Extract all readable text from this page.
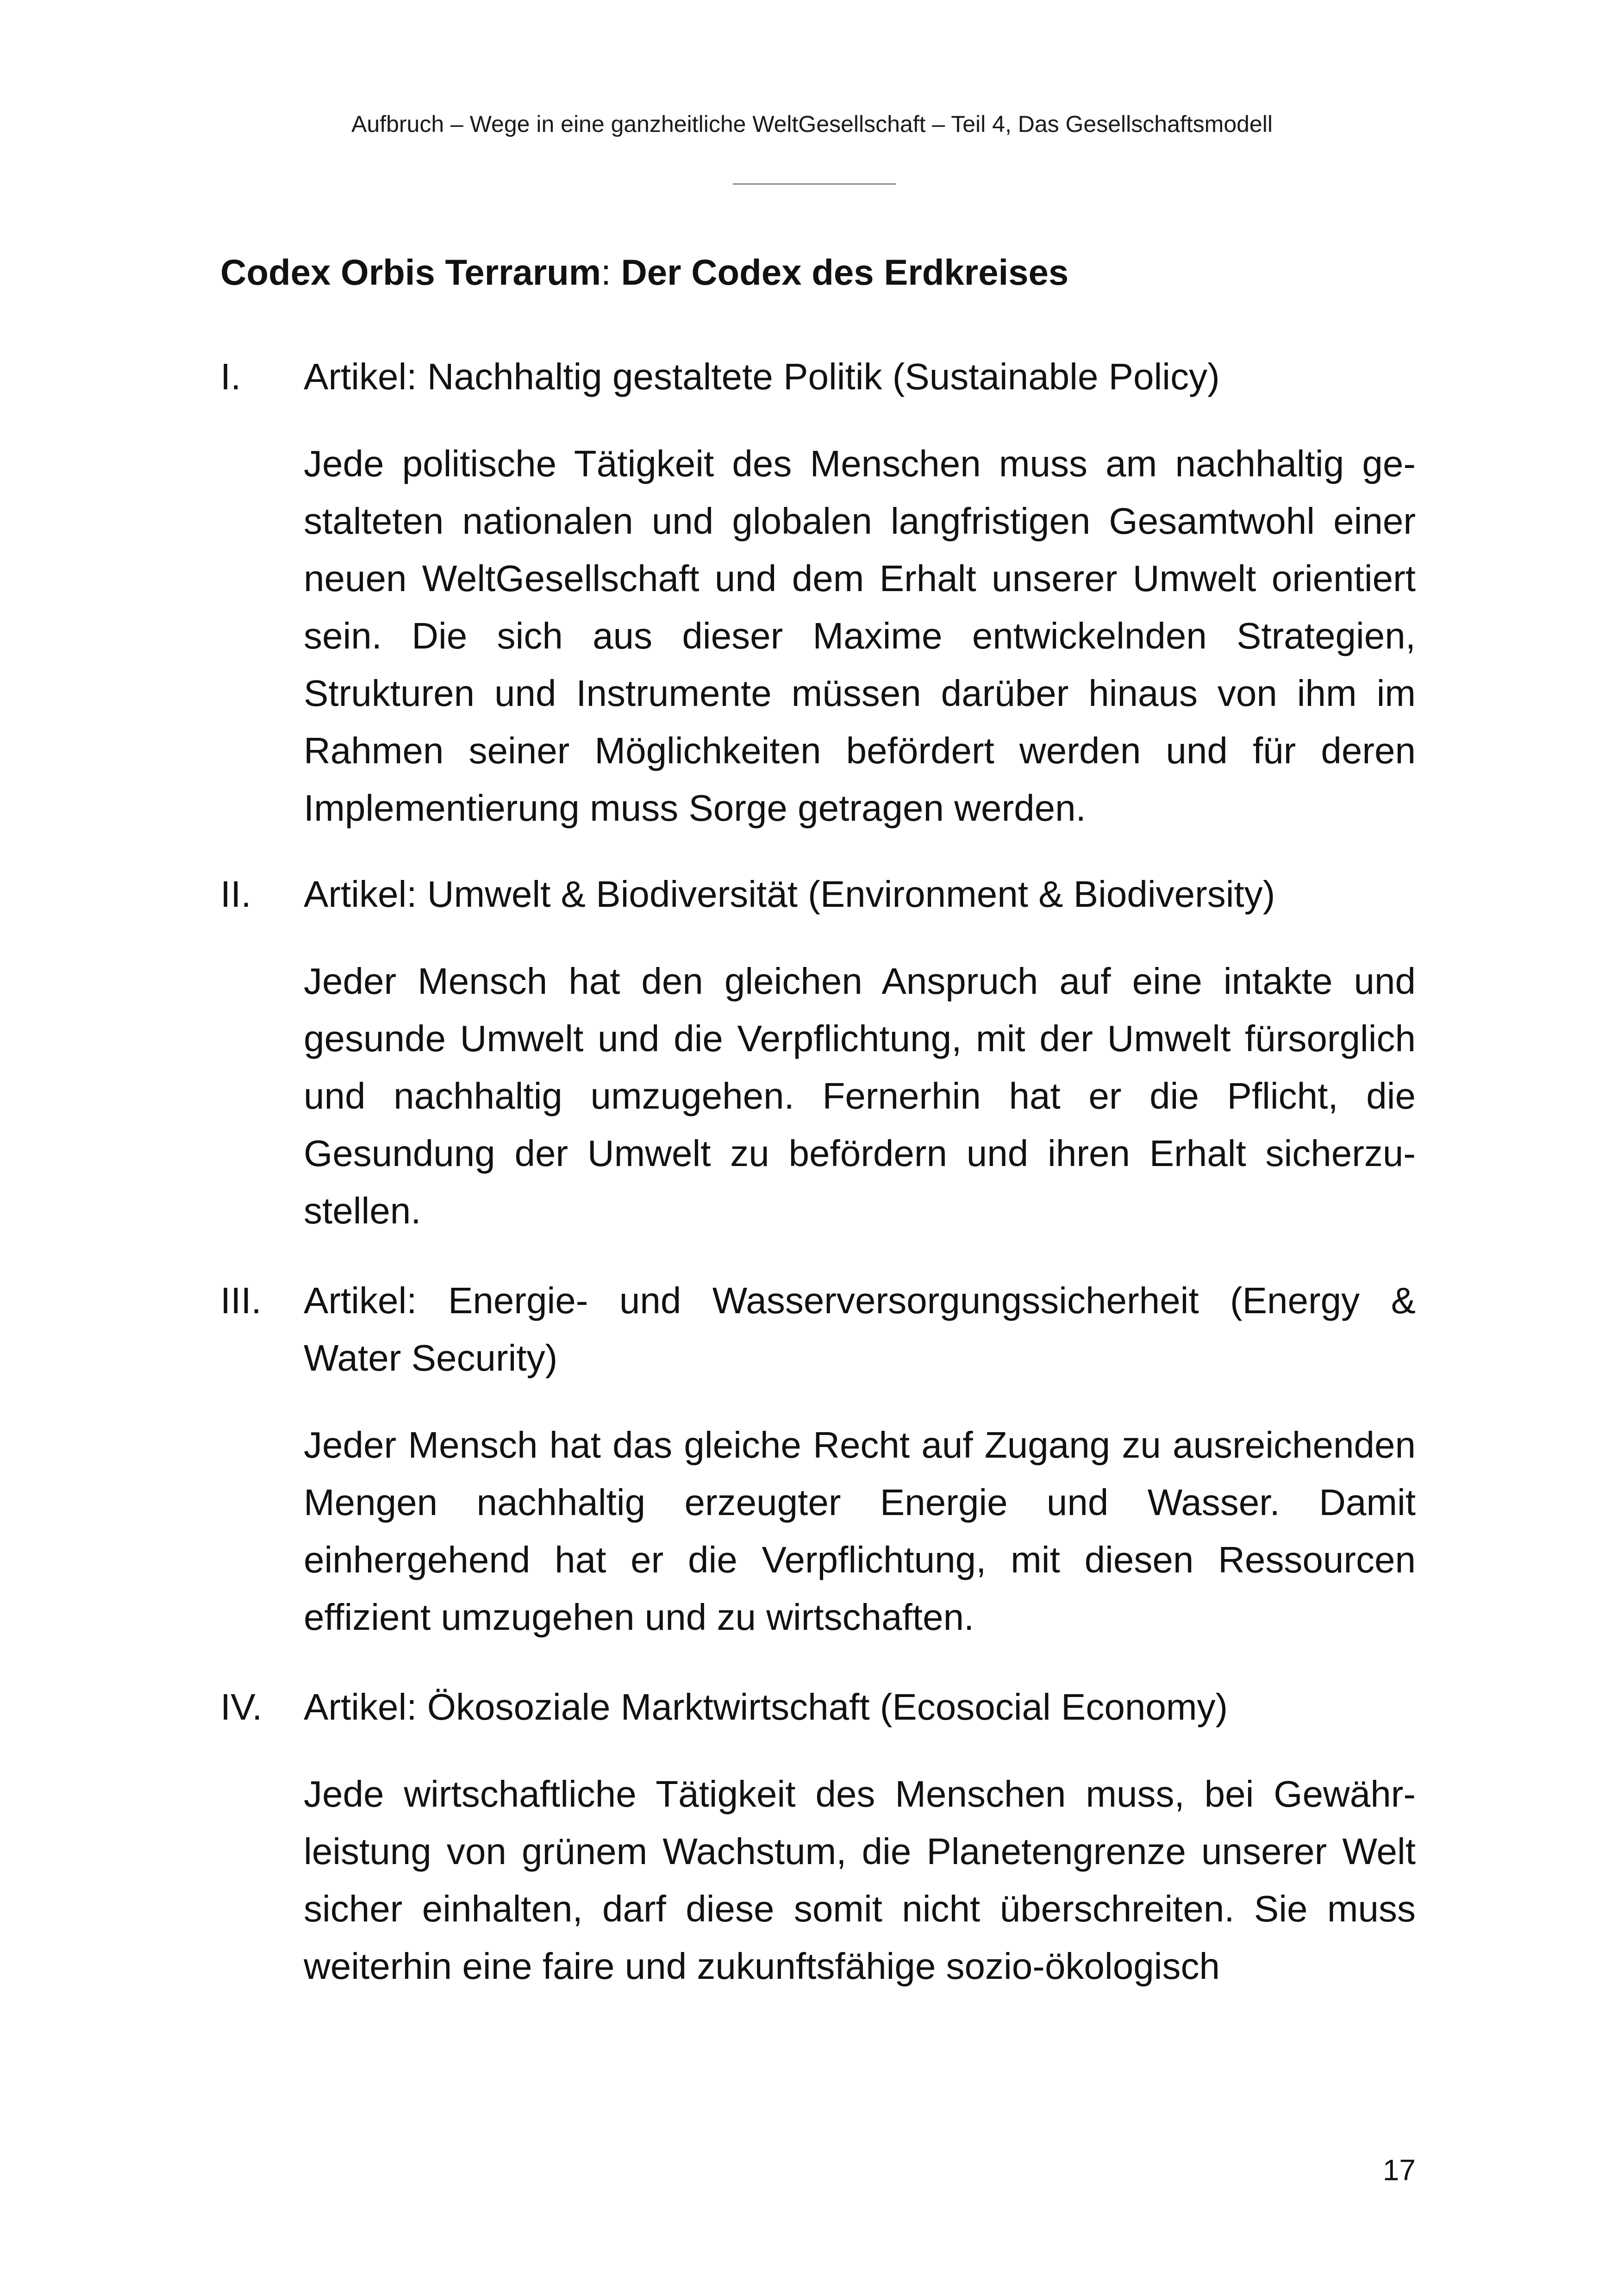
Aufbruch – Wege in eine ganzheitliche WeltGesellschaft – Teil 4, Das Gesellschaftsmodell
Codex Orbis Terrarum: Der Codex des Erdkreises
I. Artikel: Nachhaltig gestaltete Politik (Sustainable Policy)
Jede politische Tätigkeit des Menschen muss am nachhaltig gestalteten nationalen und globalen langfristigen Gesamtwohl einer neuen WeltGesellschaft und dem Erhalt unserer Umwelt orientiert sein. Die sich aus dieser Maxime entwickelnden Strategien, Strukturen und Instrumente müssen darüber hinaus von ihm im Rahmen seiner Möglichkeiten befördert werden und für deren Implementierung muss Sorge getragen werden.
II. Artikel: Umwelt & Biodiversität (Environment & Biodiversity)
Jeder Mensch hat den gleichen Anspruch auf eine intakte und gesunde Umwelt und die Verpflichtung, mit der Umwelt fürsorglich und nachhaltig umzugehen. Fernerhin hat er die Pflicht, die Gesundung der Umwelt zu befördern und ihren Erhalt sicherzustellen.
III. Artikel: Energie- und Wasserversorgungssicherheit (Energy & Water Security)
Jeder Mensch hat das gleiche Recht auf Zugang zu ausreichenden Mengen nachhaltig erzeugter Energie und Wasser. Damit einhergehend hat er die Verpflichtung, mit diesen Ressourcen effizient umzugehen und zu wirtschaften.
IV. Artikel: Ökosoziale Marktwirtschaft (Ecosocial Economy)
Jede wirtschaftliche Tätigkeit des Menschen muss, bei Gewährleistung von grünem Wachstum, die Planetengrenze unserer Welt sicher einhalten, darf diese somit nicht überschreiten. Sie muss weiterhin eine faire und zukunftsfähige sozio-ökologisch
17
